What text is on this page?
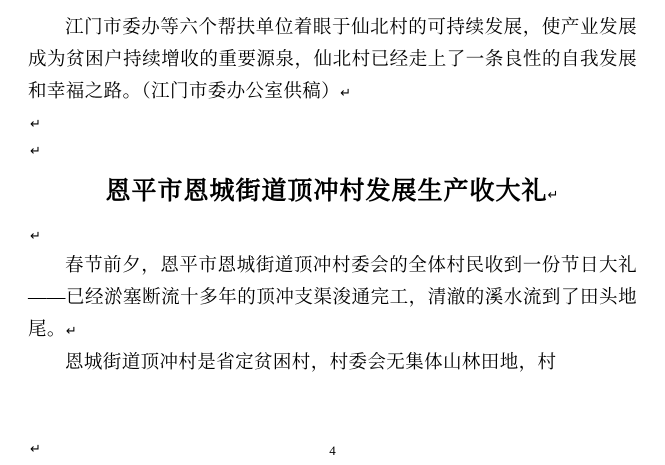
江门市委办等六个帮扶单位着眼于仙北村的可持续发展，使产业发展成为贫困户持续增收的重要源泉，仙北村已经走上了一条良性的自我发展和幸福之路。（江门市委办公室供稿）↵

↵
↵
恩平市恩城街道顶冲村发展生产收大礼↵
↵

春节前夕，恩平市恩城街道顶冲村委会的全体村民收到一份节日大礼——已经淤塞断流十多年的顶冲支渠浚通完工，清澈的溪水流到了田头地尾。↵

恩城街道顶冲村是省定贫困村，村委会无集体山林田地，村

↵	4
